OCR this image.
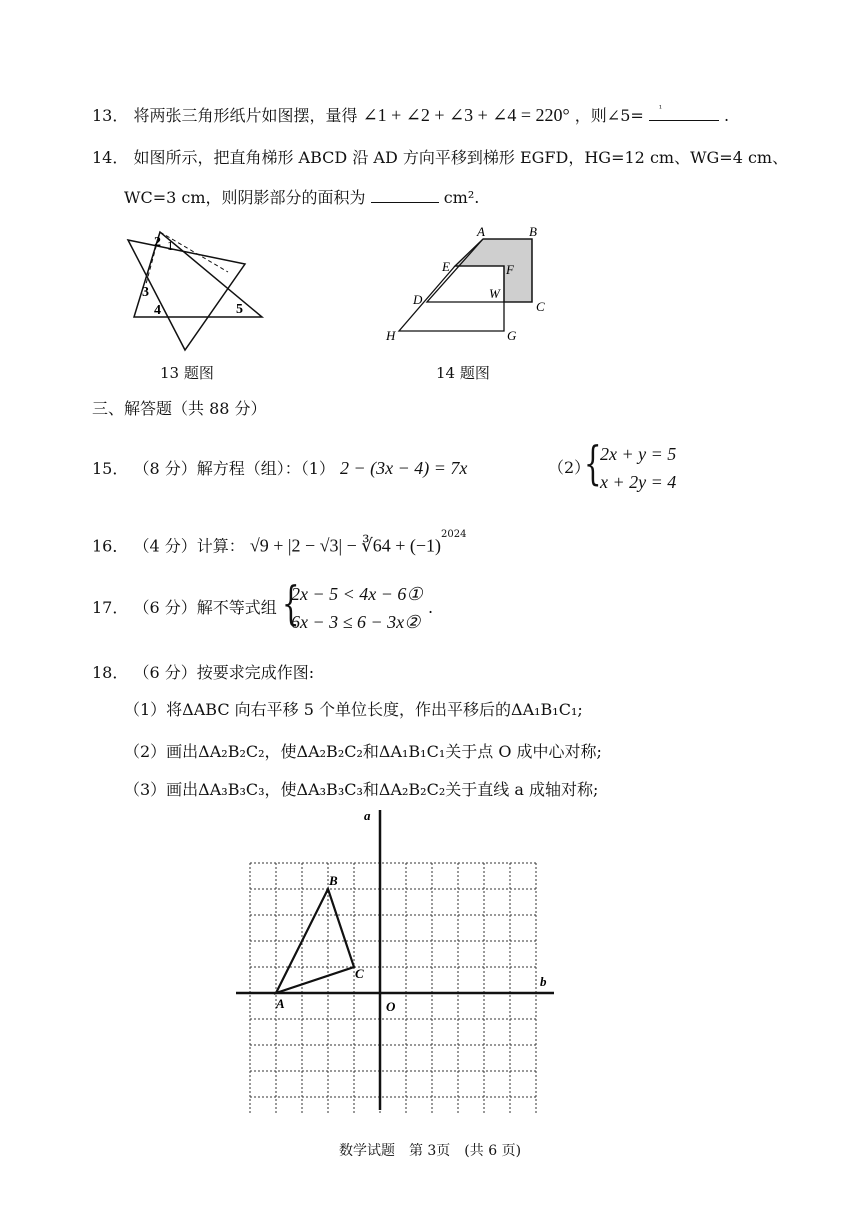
13． 将两张三角形纸片如图摆，量得 ∠1 + ∠2 + ∠3 + ∠4 = 220° ，则∠5= ¹	.
14． 如图所示，把直角梯形 ABCD 沿 AD 方向平移到梯形 EGFD，HG=12 cm、WG=4 cm、
WC=3 cm，则阴影部分的面积为	cm².
2 1
3
4	5
13 题图
A	B
E	F
D	W
C
H	G
14 题图
三、解答题（共 88 分）
15． （8 分）解方程（组）：（1） 2 − (3x − 4) = 7x	（2）
{
2x + y = 5
x + 2y = 4
16． （4 分）计算： √9 + |2 − √3| − ∛64 + $(-1)^{2024}$
17． （6 分）解不等式组 {
2x − 5 < 4x − 6①
6x − 3 ≤ 6 − 3x②
.
18． （6 分）按要求完成作图:
（1）将ΔABC 向右平移 5 个单位长度，作出平移后的ΔA₁B₁C₁;
（2）画出ΔA₂B₂C₂，使ΔA₂B₂C₂和ΔA₁B₁C₁关于点 O 成中心对称;
（3）画出ΔA₃B₃C₃，使ΔA₃B₃C₃和ΔA₂B₂C₂关于直线 a 成轴对称;
a
b
O
A
B
C
数学试题　第 3页　(共 6 页)
